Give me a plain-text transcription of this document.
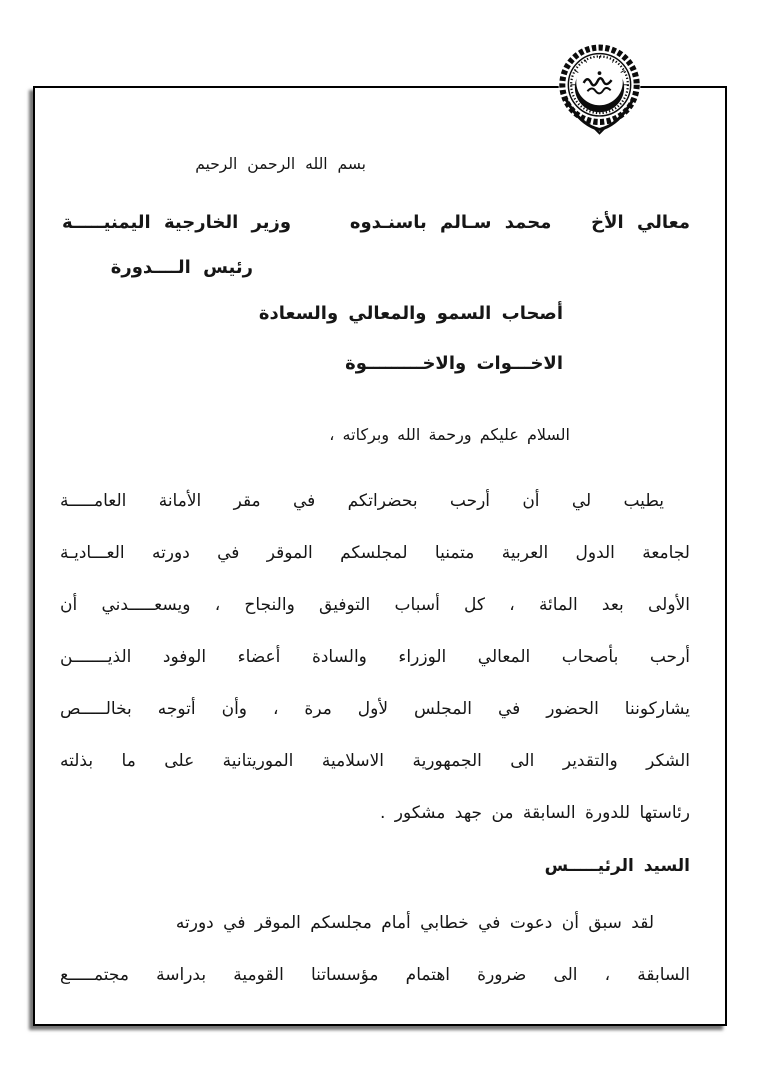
بسم الله الرحمن الرحيم
معالي الأخ   محمد سـالم باسنـدوه
وزير الخارجية اليمنيـــــة
رئيس الــــدورة
أصحاب السمو والمعالي والسعادة
الاخـــوات والاخـــــــــوة
السلام عليكم ورحمة الله وبركاته ،
يطيب لي أن أرحب بحضراتكم في مقر الأمانة العامـــــة
لجامعة الدول العربية متمنيا لمجلسكم الموقر في دورته العـــاديـة
الأولى بعد المائة ، كل أسباب التوفيق والنجاح ، ويسعـــــدني أن
أرحب بأصحاب المعالي الوزراء والسادة أعضاء الوفود الذيـــــــن
يشاركوننا الحضور في المجلس لأول مرة ، وأن أتوجه بخالـــــص
الشكر والتقدير الى الجمهورية الاسلامية الموريتانية على ما بذلته
رئاستها للدورة السابقة من جهد مشكور .
السيد الرئيـــــس
لقد سبق أن دعوت في خطابي أمام مجلسكم الموقر في دورته
السابقة ، الى ضرورة اهتمام مؤسساتنا القومية بدراسة مجتمـــــع
